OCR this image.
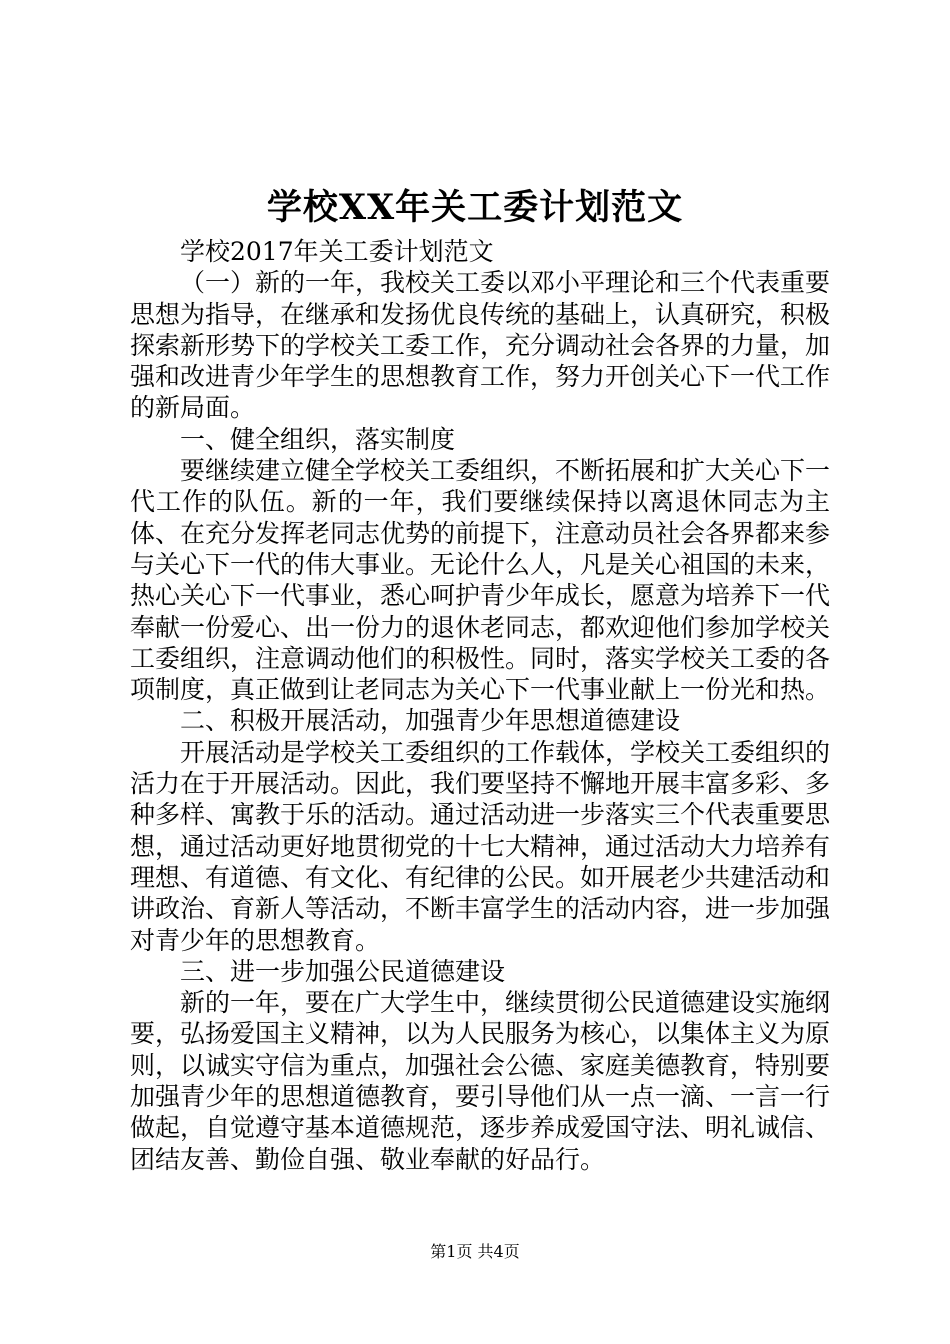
学校XX年关工委计划范文

学校2017年关工委计划范文

（一）新的一年，我校关工委以邓小平理论和三个代表重要思想为指导，在继承和发扬优良传统的基础上，认真研究，积极探索新形势下的学校关工委工作，充分调动社会各界的力量，加强和改进青少年学生的思想教育工作，努力开创关心下一代工作的新局面。

一、健全组织，落实制度

要继续建立健全学校关工委组织，不断拓展和扩大关心下一代工作的队伍。新的一年，我们要继续保持以离退休同志为主体、在充分发挥老同志优势的前提下，注意动员社会各界都来参与关心下一代的伟大事业。无论什么人，凡是关心祖国的未来，热心关心下一代事业，悉心呵护青少年成长，愿意为培养下一代奉献一份爱心、出一份力的退休老同志，都欢迎他们参加学校关工委组织，注意调动他们的积极性。同时，落实学校关工委的各项制度，真正做到让老同志为关心下一代事业献上一份光和热。

二、积极开展活动，加强青少年思想道德建设

开展活动是学校关工委组织的工作载体，学校关工委组织的活力在于开展活动。因此，我们要坚持不懈地开展丰富多彩、多种多样、寓教于乐的活动。通过活动进一步落实三个代表重要思想，通过活动更好地贯彻党的十七大精神，通过活动大力培养有理想、有道德、有文化、有纪律的公民。如开展老少共建活动和讲政治、育新人等活动，不断丰富学生的活动内容，进一步加强对青少年的思想教育。

三、进一步加强公民道德建设

新的一年，要在广大学生中，继续贯彻公民道德建设实施纲要，弘扬爱国主义精神，以为人民服务为核心，以集体主义为原则，以诚实守信为重点，加强社会公德、家庭美德教育，特别要加强青少年的思想道德教育，要引导他们从一点一滴、一言一行做起，自觉遵守基本道德规范，逐步养成爱国守法、明礼诚信、团结友善、勤俭自强、敬业奉献的好品行。

第1页 共4页
